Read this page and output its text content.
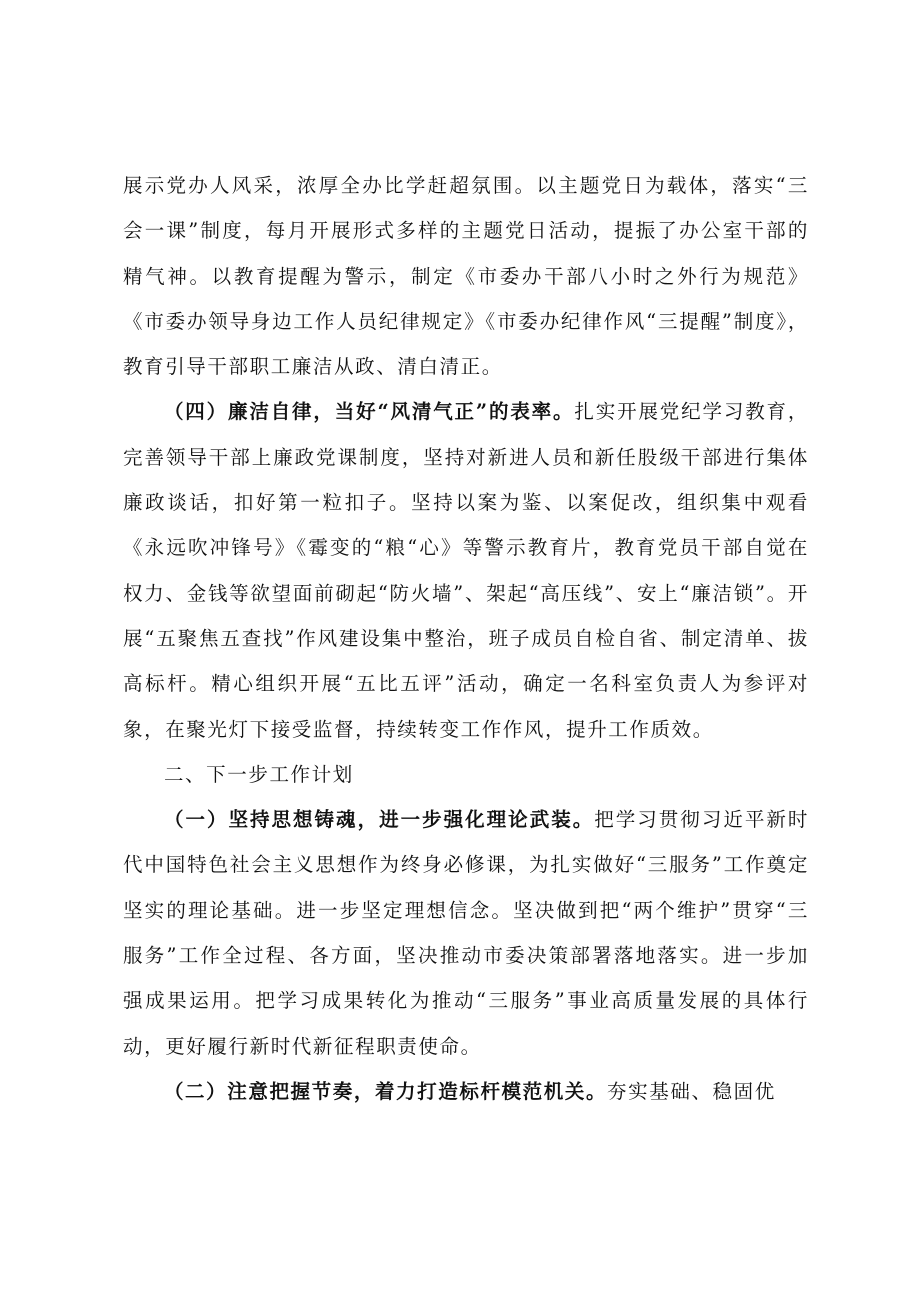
展示党办人风采，浓厚全办比学赶超氛围。以主题党日为载体，落实“三会一课”制度，每月开展形式多样的主题党日活动，提振了办公室干部的精气神。以教育提醒为警示，制定《市委办干部八小时之外行为规范》《市委办领导身边工作人员纪律规定》《市委办纪律作风“三提醒”制度》，教育引导干部职工廉洁从政、清白清正。

（四）廉洁自律，当好“风清气正”的表率。扎实开展党纪学习教育，完善领导干部上廉政党课制度，坚持对新进人员和新任股级干部进行集体廉政谈话，扣好第一粒扣子。坚持以案为鉴、以案促改，组织集中观看《永远吹冲锋号》《霉变的“粮“心》等警示教育片，教育党员干部自觉在权力、金钱等欲望面前砌起“防火墙”、架起“高压线”、安上“廉洁锁”。开展“五聚焦五查找”作风建设集中整治，班子成员自检自省、制定清单、拔高标杆。精心组织开展“五比五评”活动，确定一名科室负责人为参评对象，在聚光灯下接受监督，持续转变工作作风，提升工作质效。

二、下一步工作计划

（一）坚持思想铸魂，进一步强化理论武装。把学习贯彻习近平新时代中国特色社会主义思想作为终身必修课，为扎实做好“三服务”工作奠定坚实的理论基础。进一步坚定理想信念。坚决做到把“两个维护”贯穿“三服务”工作全过程、各方面，坚决推动市委决策部署落地落实。进一步加强成果运用。把学习成果转化为推动“三服务”事业高质量发展的具体行动，更好履行新时代新征程职责使命。

（二）注意把握节奏，着力打造标杆模范机关。夯实基础、稳固优
